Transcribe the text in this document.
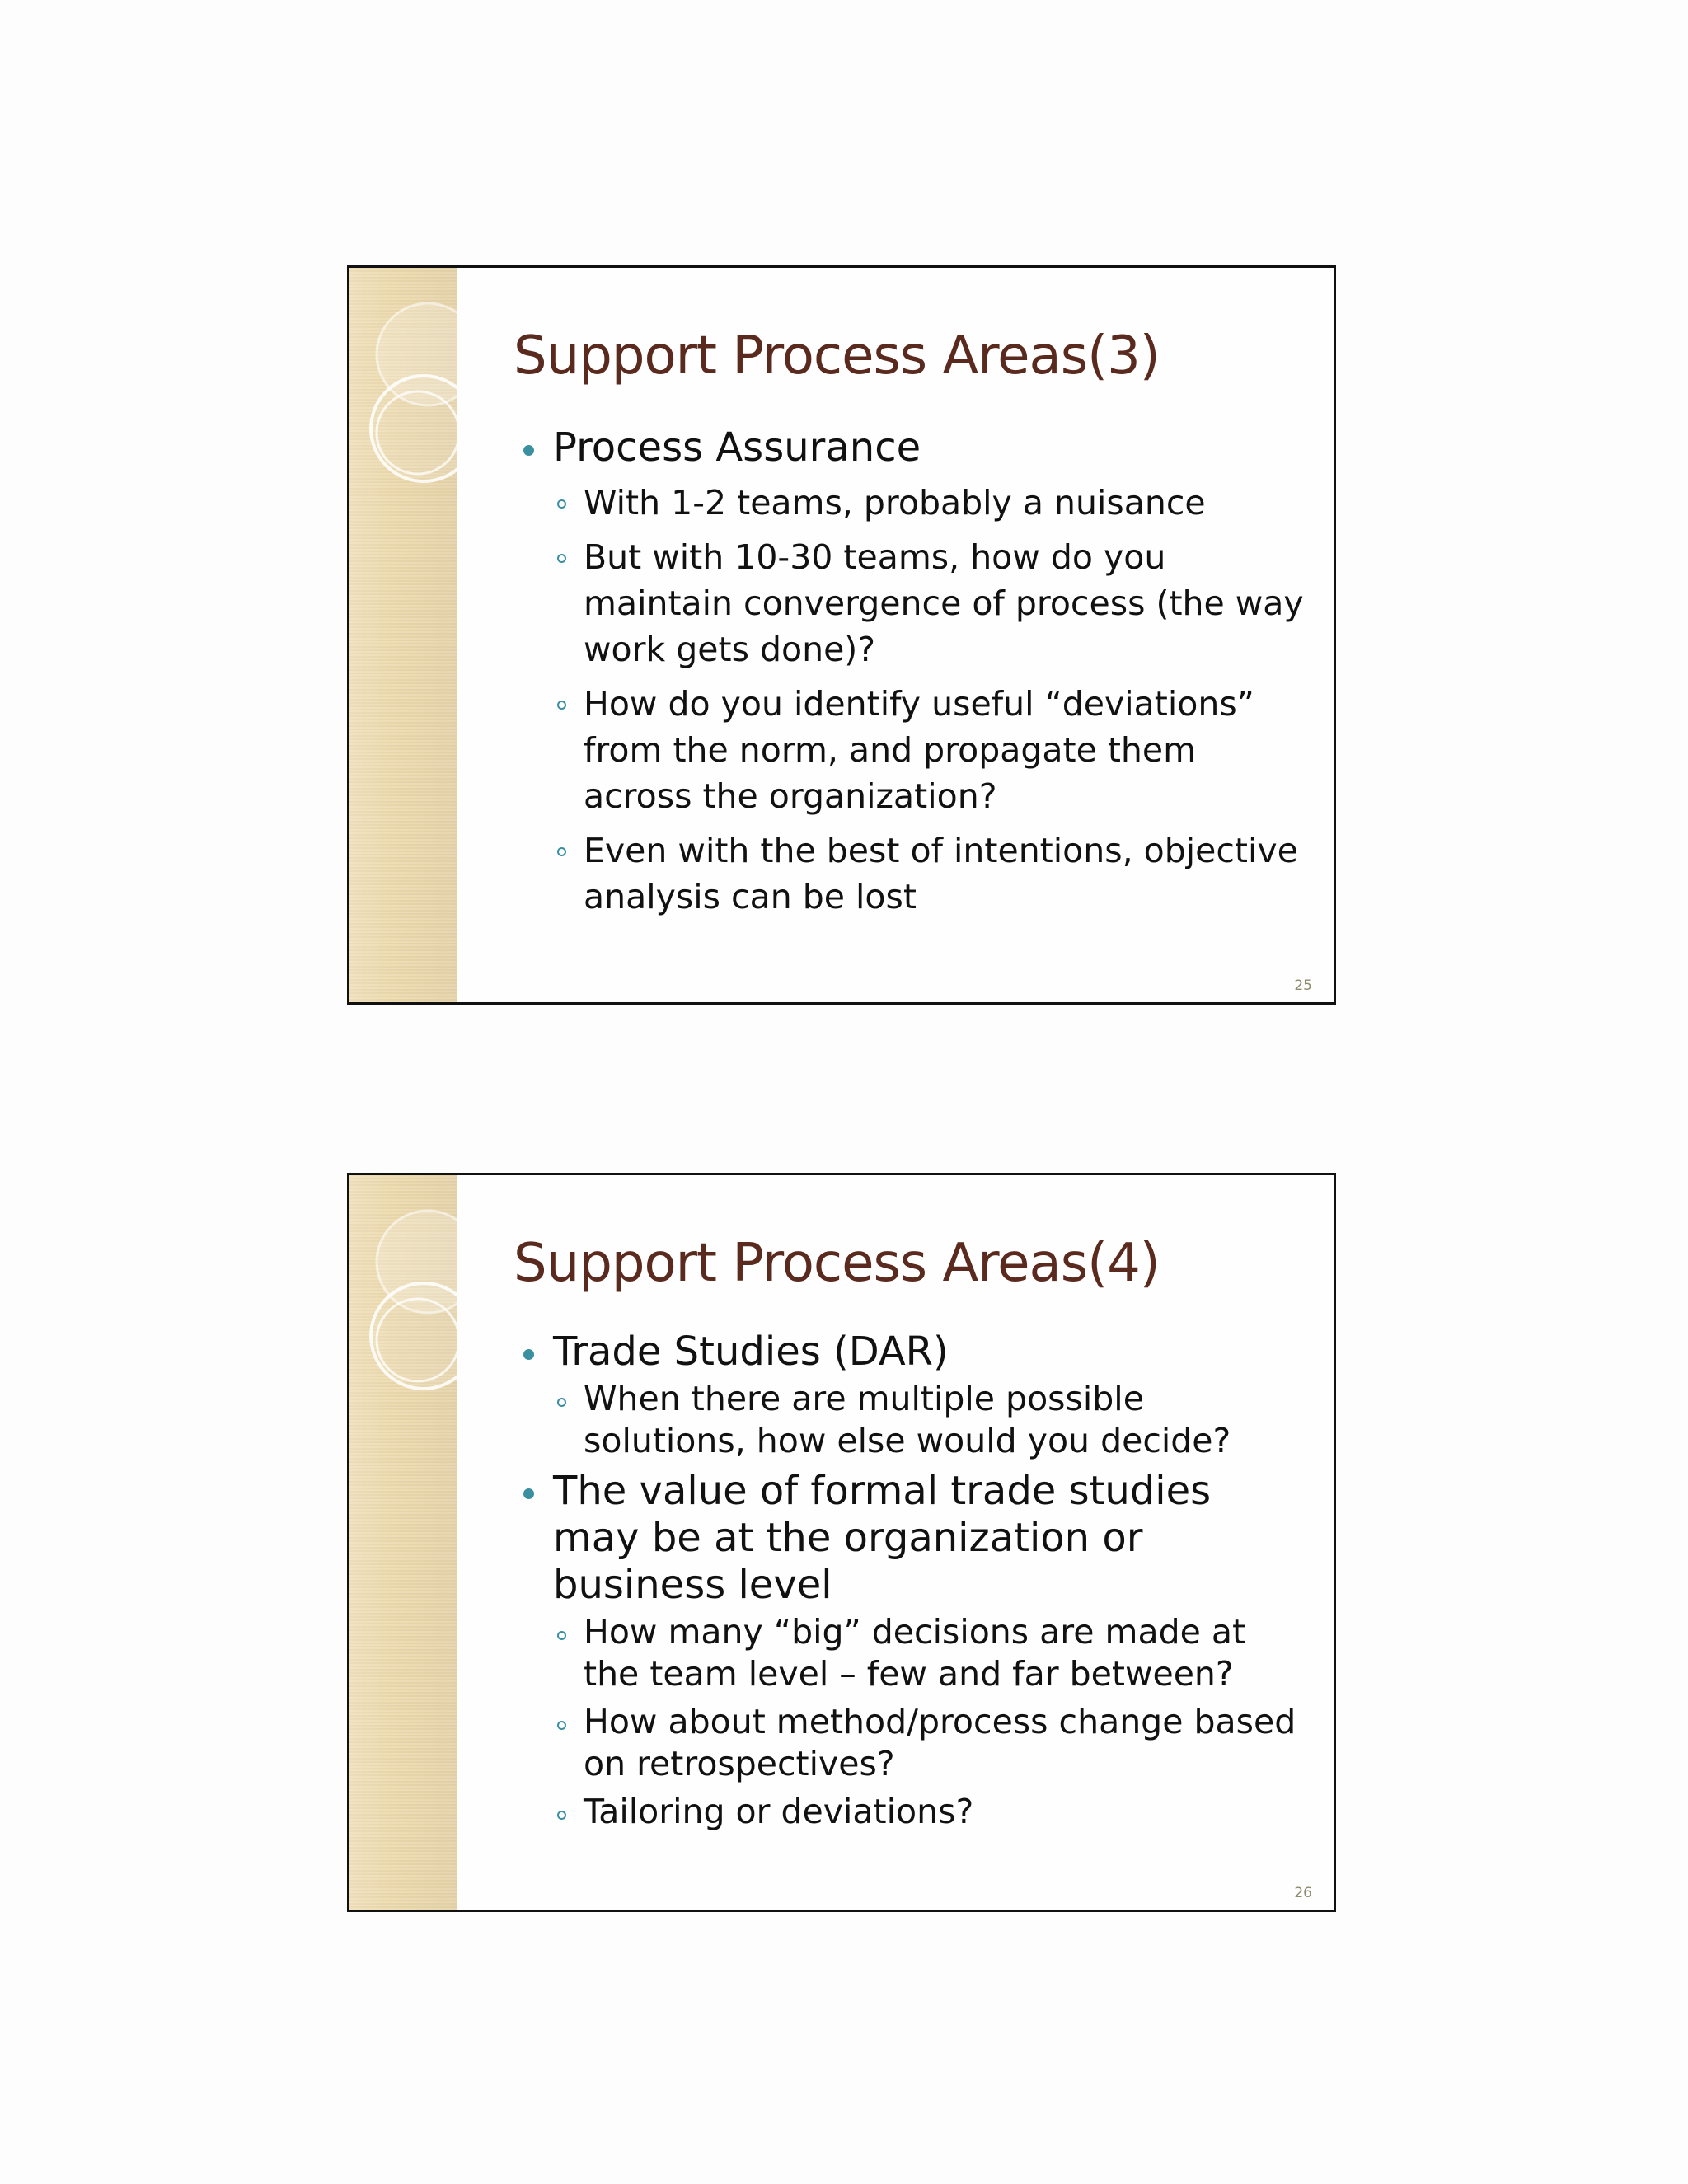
Support Process Areas(3)
Process Assurance
With 1-2 teams, probably a nuisance
But with 10-30 teams, how do you maintain convergence of process (the way work gets done)?
How do you identify useful “deviations” from the norm, and propagate them across the organization?
Even with the best of intentions, objective analysis can be lost
25
Support Process Areas(4)
Trade Studies (DAR)
When there are multiple possible solutions, how else would you decide?
The value of formal trade studies may be at the organization or business level
How many “big” decisions are made at the team level – few and far between?
How about method/process change based on retrospectives?
Tailoring or deviations?
26
